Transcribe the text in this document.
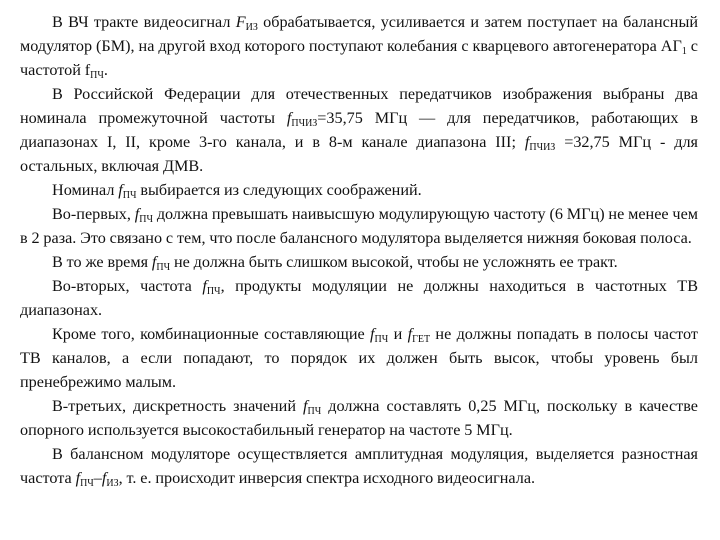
В ВЧ тракте видеосигнал $F_{ИЗ}$ обрабатывается, усиливается и затем поступает на балансный модулятор (БМ), на другой вход которого поступают колебания с кварцевого автогенератора $АГ_1$ с частотой $f_{ПЧ}$.

В Российской Федерации для отечественных передатчиков изображения выбраны два номинала промежуточной частоты $f_{ПЧИЗ}=35,75$ МГц — для передатчиков, работающих в диапазонах I, II, кроме 3-го канала, и в 8-м канале диапазона III; $f_{ПЧИЗ} =32,75$ МГц - для остальных, включая ДМВ.

Номинал $f_{ПЧ}$ выбирается из следующих соображений.

Во-первых, $f_{ПЧ}$ должна превышать наивысшую модулирующую частоту (6 МГц) не менее чем в 2 раза. Это связано с тем, что после балансного модулятора выделяется нижняя боковая полоса.

В то же время $f_{ПЧ}$ не должна быть слишком высокой, чтобы не усложнять ее тракт.

Во-вторых, частота $f_{ПЧ}$, продукты модуляции не должны находиться в частотных ТВ диапазонах.

Кроме того, комбинационные составляющие $f_{ПЧ}$ и $f_{ГЕТ}$ не должны попадать в полосы частот ТВ каналов, а если попадают, то порядок их должен быть высок, чтобы уровень был пренебрежимо малым.

В-третьих, дискретность значений $f_{ПЧ}$ должна составлять 0,25 МГц, поскольку в качестве опорного используется высокостабильный генератор на частоте 5 МГц.

В балансном модуляторе осуществляется амплитудная модуляция, выделяется разностная частота $f_{ПЧ}-f_{ИЗ}$, т. е. происходит инверсия спектра исходного видеосигнала.
